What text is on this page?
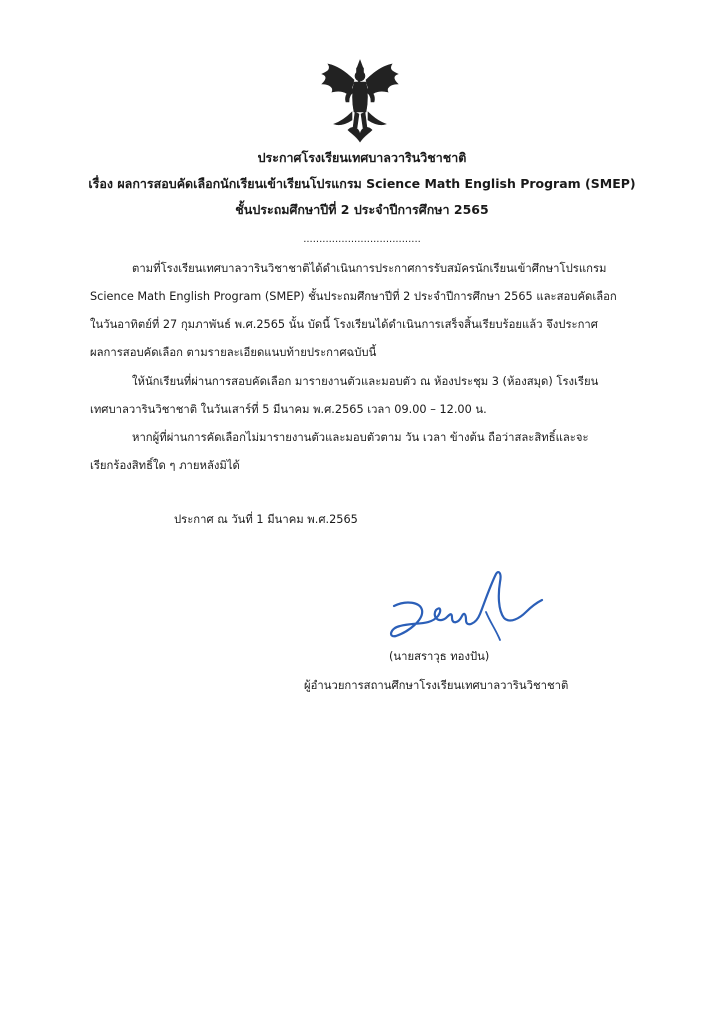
ประกาศโรงเรียนเทศบาลวารินวิชาชาติ
เรื่อง ผลการสอบคัดเลือกนักเรียนเข้าเรียนโปรแกรม Science Math English Program (SMEP)
ชั้นประถมศึกษาปีที่ 2 ประจำปีการศึกษา 2565
.....................................
ตามที่โรงเรียนเทศบาลวารินวิชาชาติได้ดำเนินการประกาศการรับสมัครนักเรียนเข้าศึกษาโปรแกรม
Science Math English Program (SMEP) ชั้นประถมศึกษาปีที่ 2 ประจำปีการศึกษา 2565 และสอบคัดเลือก
ในวันอาทิตย์ที่ 27 กุมภาพันธ์ พ.ศ.2565 นั้น บัดนี้ โรงเรียนได้ดำเนินการเสร็จสิ้นเรียบร้อยแล้ว จึงประกาศ
ผลการสอบคัดเลือก ตามรายละเอียดแนบท้ายประกาศฉบับนี้
ให้นักเรียนที่ผ่านการสอบคัดเลือก มารายงานตัวและมอบตัว ณ ห้องประชุม 3 (ห้องสมุด) โรงเรียน
เทศบาลวารินวิชาชาติ ในวันเสาร์ที่ 5 มีนาคม พ.ศ.2565 เวลา 09.00 – 12.00 น.
หากผู้ที่ผ่านการคัดเลือกไม่มารายงานตัวและมอบตัวตาม วัน เวลา ข้างต้น ถือว่าสละสิทธิ์และจะ
เรียกร้องสิทธิ์ใด ๆ ภายหลังมิได้
ประกาศ ณ วันที่ 1 มีนาคม พ.ศ.2565
(นายสราวุธ ทองปัน)
ผู้อำนวยการสถานศึกษาโรงเรียนเทศบาลวารินวิชาชาติ
